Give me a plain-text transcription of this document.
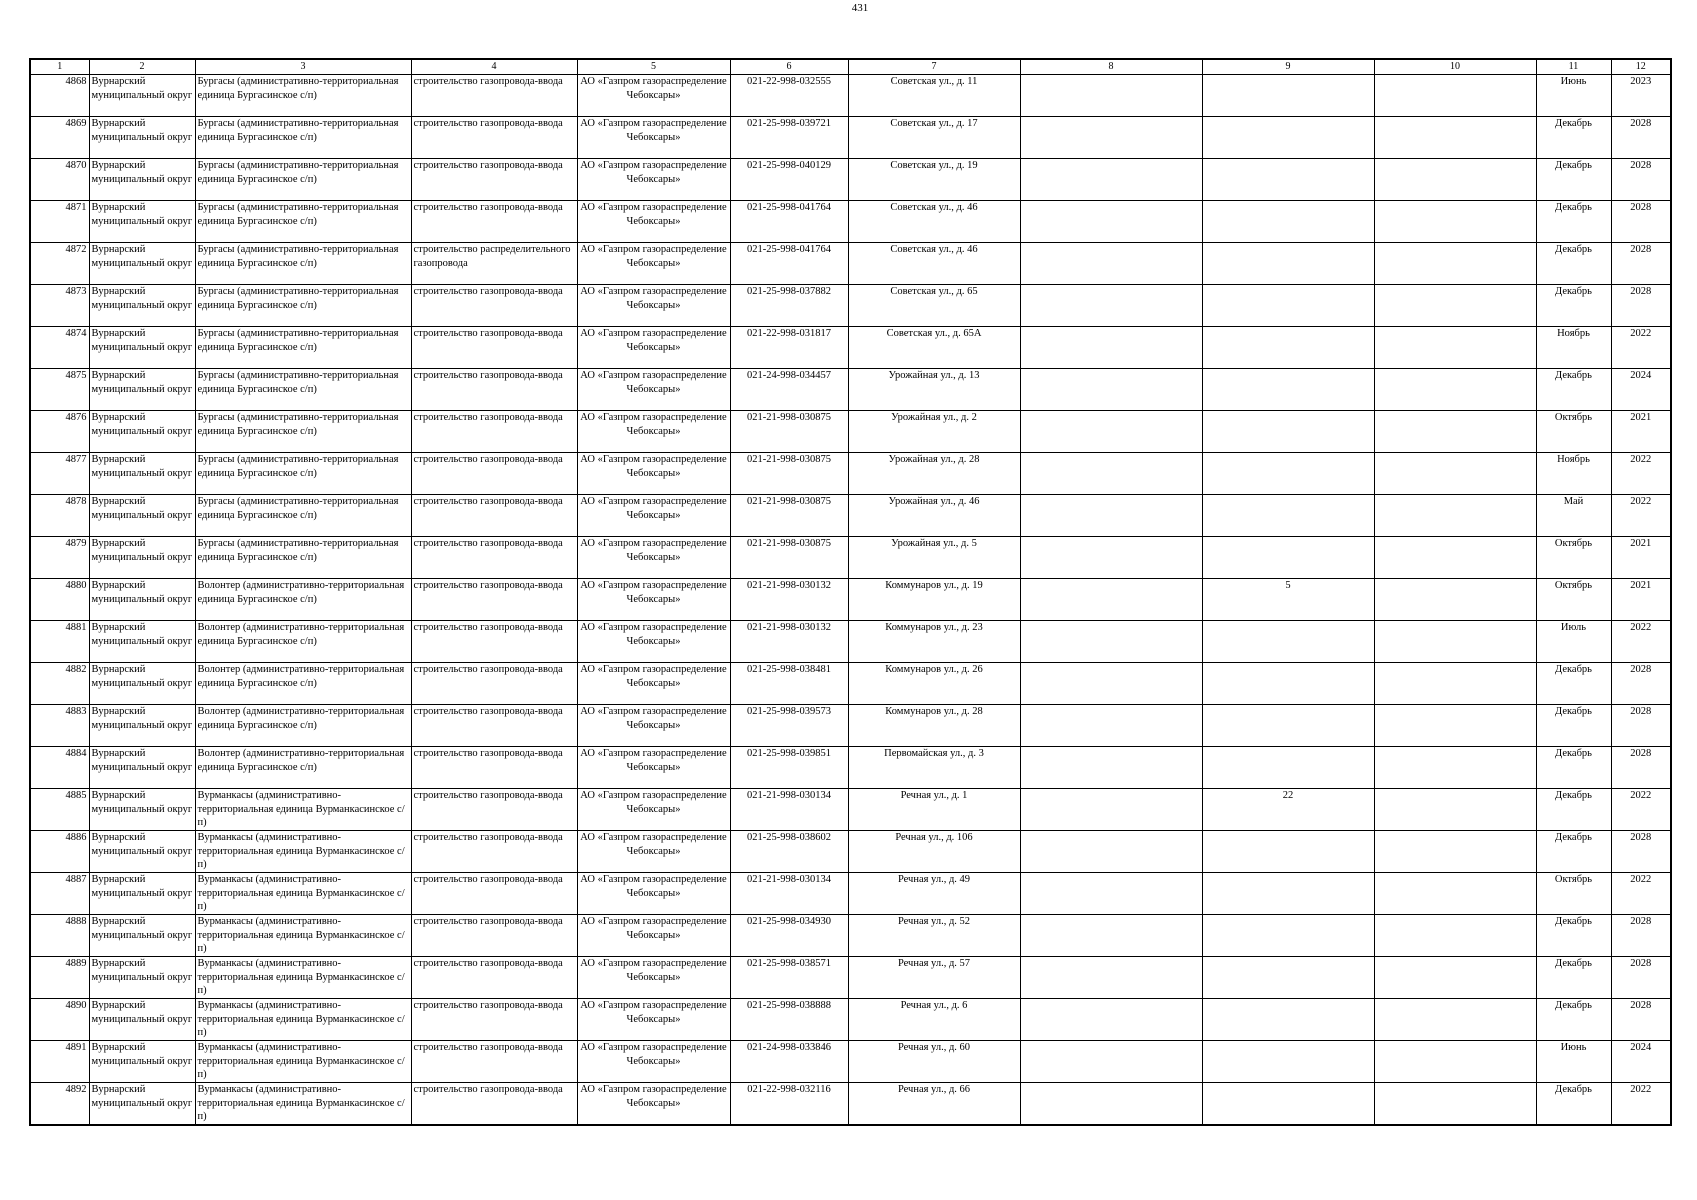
431
1	2	3	4	5	6	7	8	9	10	11	12
4868	Вурнарский муниципальный округ	Бургасы (административно-территориальная единица Бургасинское с/п)	строительство газопровода-ввода	АО «Газпром газораспределение Чебоксары»	021-22-998-032555	Советская ул., д. 11				Июнь	2023
4869	Вурнарский муниципальный округ	Бургасы (административно-территориальная единица Бургасинское с/п)	строительство газопровода-ввода	АО «Газпром газораспределение Чебоксары»	021-25-998-039721	Советская ул., д. 17				Декабрь	2028
4870	Вурнарский муниципальный округ	Бургасы (административно-территориальная единица Бургасинское с/п)	строительство газопровода-ввода	АО «Газпром газораспределение Чебоксары»	021-25-998-040129	Советская ул., д. 19				Декабрь	2028
4871	Вурнарский муниципальный округ	Бургасы (административно-территориальная единица Бургасинское с/п)	строительство газопровода-ввода	АО «Газпром газораспределение Чебоксары»	021-25-998-041764	Советская ул., д. 46				Декабрь	2028
4872	Вурнарский муниципальный округ	Бургасы (административно-территориальная единица Бургасинское с/п)	строительство распределительного газопровода	АО «Газпром газораспределение Чебоксары»	021-25-998-041764	Советская ул., д. 46				Декабрь	2028
4873	Вурнарский муниципальный округ	Бургасы (административно-территориальная единица Бургасинское с/п)	строительство газопровода-ввода	АО «Газпром газораспределение Чебоксары»	021-25-998-037882	Советская ул., д. 65				Декабрь	2028
4874	Вурнарский муниципальный округ	Бургасы (административно-территориальная единица Бургасинское с/п)	строительство газопровода-ввода	АО «Газпром газораспределение Чебоксары»	021-22-998-031817	Советская ул., д. 65А				Ноябрь	2022
4875	Вурнарский муниципальный округ	Бургасы (административно-территориальная единица Бургасинское с/п)	строительство газопровода-ввода	АО «Газпром газораспределение Чебоксары»	021-24-998-034457	Урожайная ул., д. 13				Декабрь	2024
4876	Вурнарский муниципальный округ	Бургасы (административно-территориальная единица Бургасинское с/п)	строительство газопровода-ввода	АО «Газпром газораспределение Чебоксары»	021-21-998-030875	Урожайная ул., д. 2				Октябрь	2021
4877	Вурнарский муниципальный округ	Бургасы (административно-территориальная единица Бургасинское с/п)	строительство газопровода-ввода	АО «Газпром газораспределение Чебоксары»	021-21-998-030875	Урожайная ул., д. 28				Ноябрь	2022
4878	Вурнарский муниципальный округ	Бургасы (административно-территориальная единица Бургасинское с/п)	строительство газопровода-ввода	АО «Газпром газораспределение Чебоксары»	021-21-998-030875	Урожайная ул., д. 46				Май	2022
4879	Вурнарский муниципальный округ	Бургасы (административно-территориальная единица Бургасинское с/п)	строительство газопровода-ввода	АО «Газпром газораспределение Чебоксары»	021-21-998-030875	Урожайная ул., д. 5				Октябрь	2021
4880	Вурнарский муниципальный округ	Волонтер (административно-территориальная единица Бургасинское с/п)	строительство газопровода-ввода	АО «Газпром газораспределение Чебоксары»	021-21-998-030132	Коммунаров ул., д. 19		5		Октябрь	2021
4881	Вурнарский муниципальный округ	Волонтер (административно-территориальная единица Бургасинское с/п)	строительство газопровода-ввода	АО «Газпром газораспределение Чебоксары»	021-21-998-030132	Коммунаров ул., д. 23				Июль	2022
4882	Вурнарский муниципальный округ	Волонтер (административно-территориальная единица Бургасинское с/п)	строительство газопровода-ввода	АО «Газпром газораспределение Чебоксары»	021-25-998-038481	Коммунаров ул., д. 26				Декабрь	2028
4883	Вурнарский муниципальный округ	Волонтер (административно-территориальная единица Бургасинское с/п)	строительство газопровода-ввода	АО «Газпром газораспределение Чебоксары»	021-25-998-039573	Коммунаров ул., д. 28				Декабрь	2028
4884	Вурнарский муниципальный округ	Волонтер (административно-территориальная единица Бургасинское с/п)	строительство газопровода-ввода	АО «Газпром газораспределение Чебоксары»	021-25-998-039851	Первомайская ул., д. 3				Декабрь	2028
4885	Вурнарский муниципальный округ	Вурманкасы (административно-территориальная единица Вурманкасинское с/п)	строительство газопровода-ввода	АО «Газпром газораспределение Чебоксары»	021-21-998-030134	Речная ул., д. 1		22		Декабрь	2022
4886	Вурнарский муниципальный округ	Вурманкасы (административно-территориальная единица Вурманкасинское с/п)	строительство газопровода-ввода	АО «Газпром газораспределение Чебоксары»	021-25-998-038602	Речная ул., д. 106				Декабрь	2028
4887	Вурнарский муниципальный округ	Вурманкасы (административно-территориальная единица Вурманкасинское с/п)	строительство газопровода-ввода	АО «Газпром газораспределение Чебоксары»	021-21-998-030134	Речная ул., д. 49				Октябрь	2022
4888	Вурнарский муниципальный округ	Вурманкасы (административно-территориальная единица Вурманкасинское с/п)	строительство газопровода-ввода	АО «Газпром газораспределение Чебоксары»	021-25-998-034930	Речная ул., д. 52				Декабрь	2028
4889	Вурнарский муниципальный округ	Вурманкасы (административно-территориальная единица Вурманкасинское с/п)	строительство газопровода-ввода	АО «Газпром газораспределение Чебоксары»	021-25-998-038571	Речная ул., д. 57				Декабрь	2028
4890	Вурнарский муниципальный округ	Вурманкасы (административно-территориальная единица Вурманкасинское с/п)	строительство газопровода-ввода	АО «Газпром газораспределение Чебоксары»	021-25-998-038888	Речная ул., д. 6				Декабрь	2028
4891	Вурнарский муниципальный округ	Вурманкасы (административно-территориальная единица Вурманкасинское с/п)	строительство газопровода-ввода	АО «Газпром газораспределение Чебоксары»	021-24-998-033846	Речная ул., д. 60				Июнь	2024
4892	Вурнарский муниципальный округ	Вурманкасы (административно-территориальная единица Вурманкасинское с/п)	строительство газопровода-ввода	АО «Газпром газораспределение Чебоксары»	021-22-998-032116	Речная ул., д. 66				Декабрь	2022
